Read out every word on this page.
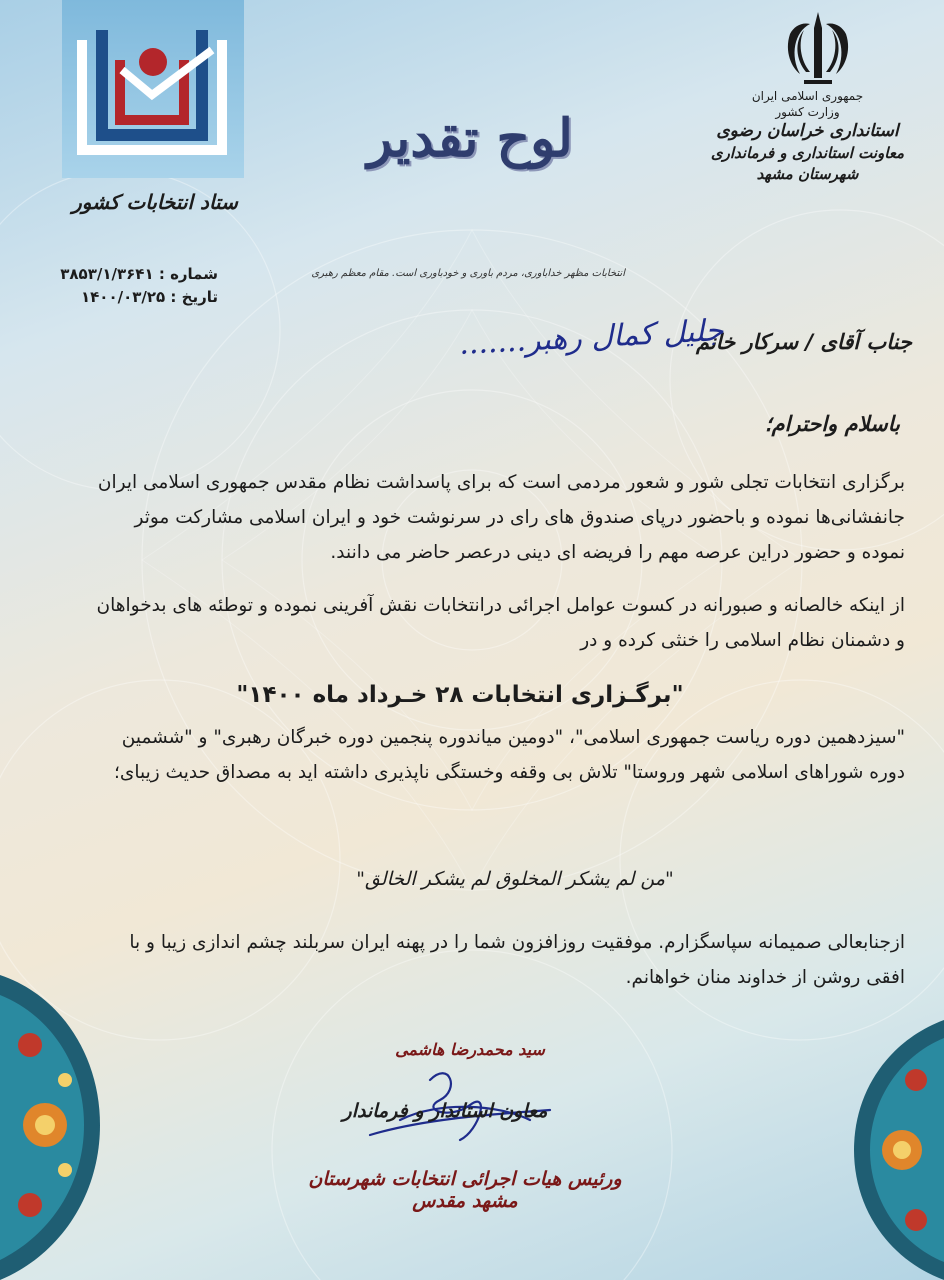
ستاد انتخابات کشور
جمهوری اسلامی ایران
وزارت کشور
استانداری خراسان رضوی
معاونت استانداری و فرمانداری شهرستان مشهد
لوح تقدیر
شماره : ۳۸۵۳/۱/۳۶۴۱
تاریخ : ۱۴۰۰/۰۳/۲۵
انتخابات مظهر خداباوری، مردم باوری و خودباوری است. مقام معظم رهبری
جناب آقای / سرکار خانم
جلیل کمال رهبر.......
باسلام واحترام؛
برگزاری انتخابات تجلی شور و شعور مردمی است که برای پاسداشت نظام مقدس جمهوری اسلامی ایران جانفشانی‌ها نموده و باحضور درپای صندوق های رای در سرنوشت خود و ایران اسلامی مشارکت موثر نموده و حضور دراین عرصه مهم را فریضه ای دینی درعصر حاضر می دانند.
از اینکه خالصانه و صبورانه در کسوت عوامل اجرائی درانتخابات نقش آفرینی نموده و توطئه های بدخواهان و دشمنان نظام اسلامی را خنثی کرده و در
"برگـزاری انتخابات ۲۸ خـرداد ماه ۱۴۰۰"
"سیزدهمین دوره ریاست جمهوری اسلامی"، "دومین میاندوره پنجمین دوره خبرگان رهبری" و "ششمین دوره شوراهای اسلامی شهر وروستا" تلاش بی وقفه وخستگی ناپذیری داشته اید به مصداق حدیث زیبای؛
"من لم یشکر المخلوق لم یشکر الخالق"
ازجنابعالی صمیمانه سپاسگزارم. موفقیت روزافزون شما را در پهنه ایران سربلند چشم اندازی زیبا و با افقی روشن از خداوند منان خواهانم.
سید محمدرضا هاشمی
معاون استاندار و فرماندار
ورئیس هیات اجرائی انتخابات شهرستان مشهد مقدس
